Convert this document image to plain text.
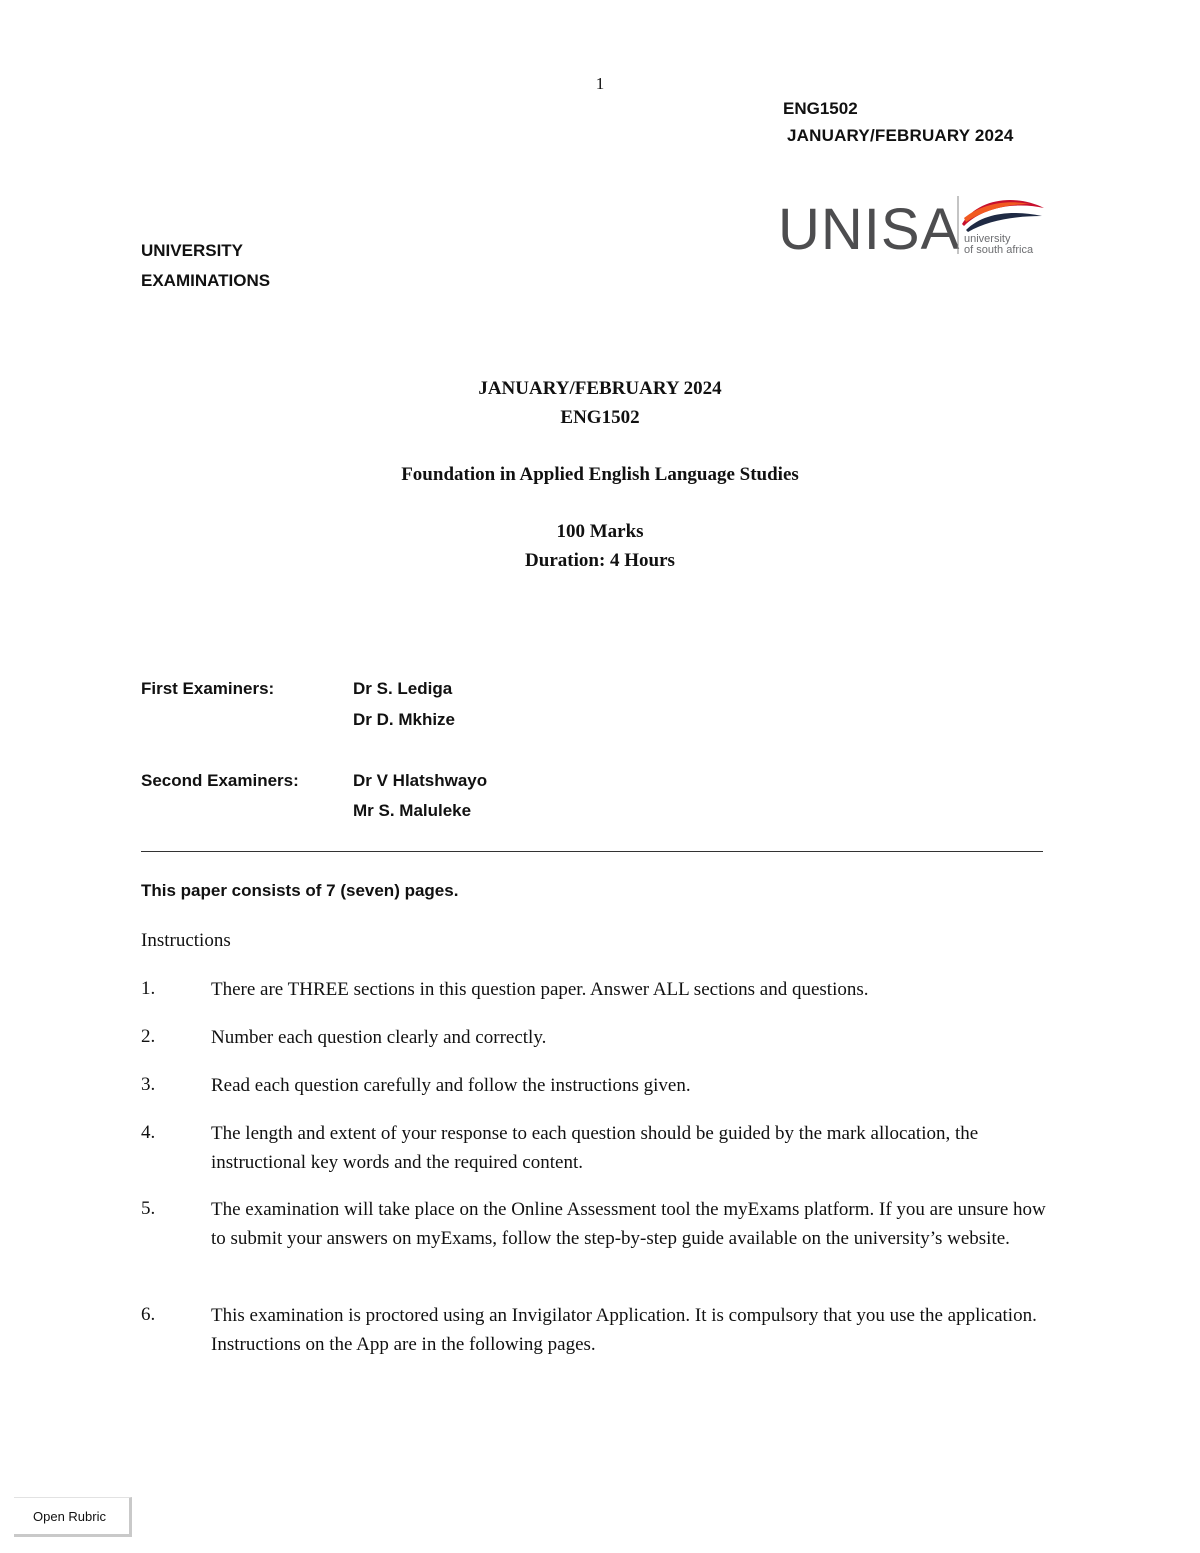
1
ENG1502
JANUARY/FEBRUARY 2024
UNISA university
of south africa
UNIVERSITY
EXAMINATIONS
JANUARY/FEBRUARY 2024
ENG1502
Foundation in Applied English Language Studies
100 Marks
Duration: 4 Hours
First Examiners:	Dr S. Lediga
Dr D. Mkhize
Second Examiners:	Dr V Hlatshwayo
Mr S. Maluleke
This paper consists of 7 (seven) pages.
Instructions
1.	There are THREE sections in this question paper. Answer ALL sections and questions.
2.	Number each question clearly and correctly.
3.	Read each question carefully and follow the instructions given.
4.	The length and extent of your response to each question should be guided by the mark allocation, the instructional key words and the required content.
5.	The examination will take place on the Online Assessment tool the myExams platform. If you are unsure how to submit your answers on myExams, follow the step-by-step guide available on the university’s website.
6.	This examination is proctored using an Invigilator Application. It is compulsory that you use the application. Instructions on the App are in the following pages.
Open Rubric
